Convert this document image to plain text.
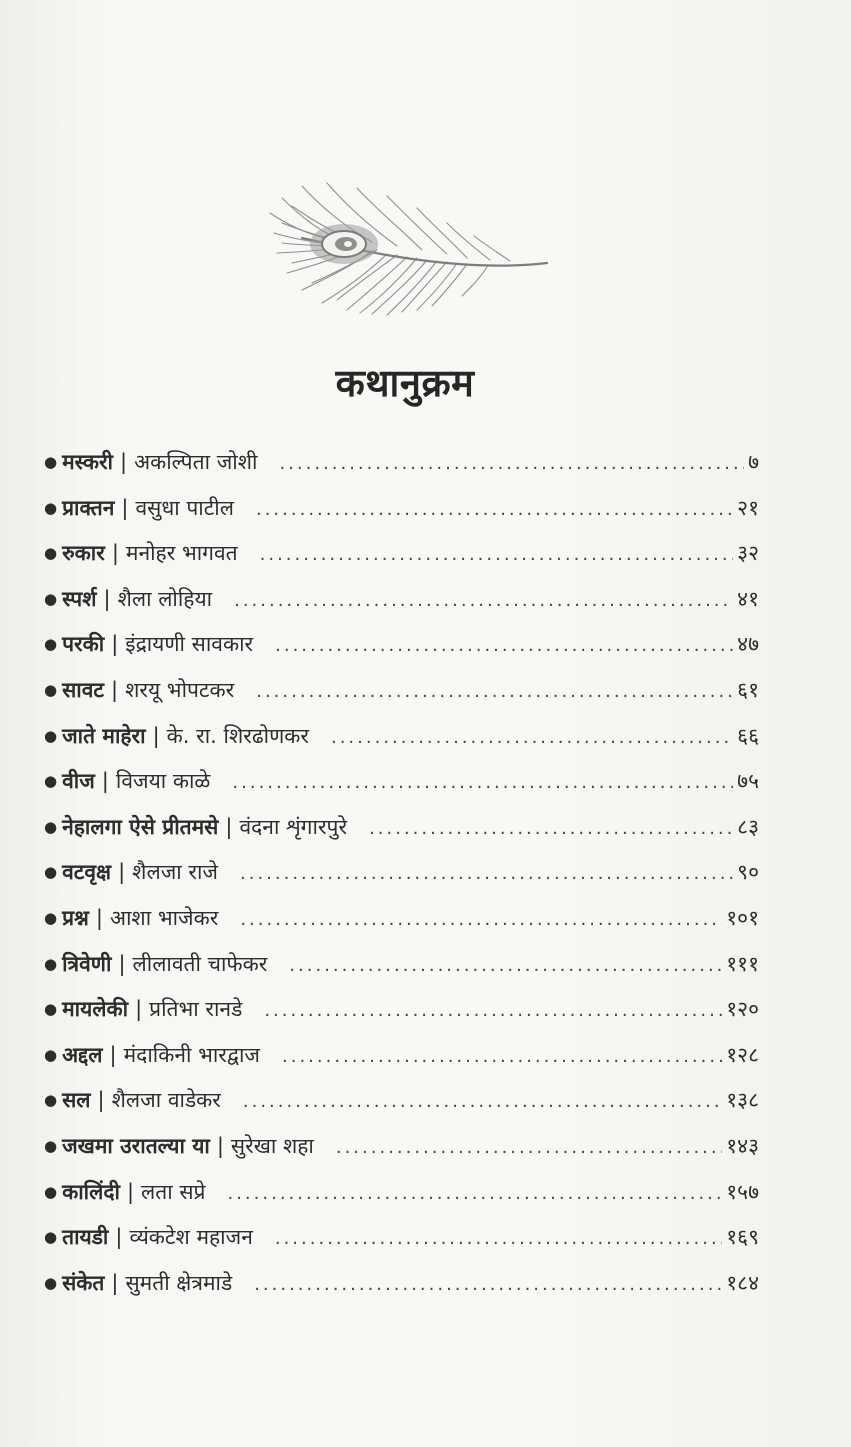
कथानुक्रम
● मस्करी | अकल्पिता जोशी .....	७
● प्राक्तन | वसुधा पाटील .....	२१
● रुकार | मनोहर भागवत .....	३२
● स्पर्श | शैला लोहिया .....	४१
● परकी | इंद्रायणी सावकार .....	४७
● सावट | शरयू भोपटकर .....	६१
● जाते माहेरा | के. रा. शिरढोणकर .....	६६
● वीज | विजया काळे .....	७५
● नेहालगा ऐसे प्रीतमसे | वंदना शृंगारपुरे .....	८३
● वटवृक्ष | शैलजा राजे .....	९०
● प्रश्न | आशा भाजेकर .....	१०१
● त्रिवेणी | लीलावती चाफेकर .....	१११
● मायलेकी | प्रतिभा रानडे .....	१२०
● अद्दल | मंदाकिनी भारद्वाज .....	१२८
● सल | शैलजा वाडेकर .....	१३८
● जखमा उरातल्या या | सुरेखा शहा .....	१४३
● कालिंदी | लता सप्रे .....	१५७
● तायडी | व्यंकटेश महाजन .....	१६९
● संकेत | सुमती क्षेत्रमाडे .....	१८४
